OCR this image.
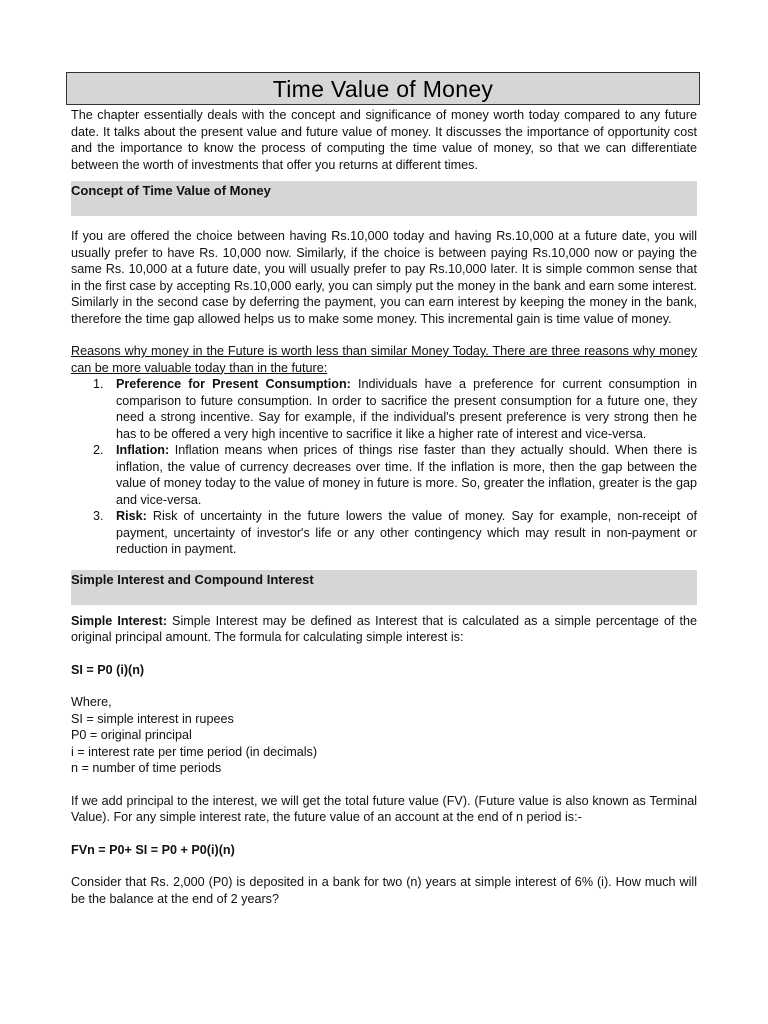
Time Value of Money

The chapter essentially deals with the concept and significance of money worth today compared to any future date. It talks about the present value and future value of money. It discusses the importance of opportunity cost and the importance to know the process of computing the time value of money, so that we can differentiate between the worth of investments that offer you returns at different times.

Concept of Time Value of Money

If you are offered the choice between having Rs.10,000 today and having Rs.10,000 at a future date, you will usually prefer to have Rs. 10,000 now. Similarly, if the choice is between paying Rs.10,000 now or paying the same Rs. 10,000 at a future date, you will usually prefer to pay Rs.10,000 later. It is simple common sense that in the first case by accepting Rs.10,000 early, you can simply put the money in the bank and earn some interest. Similarly in the second case by deferring the payment, you can earn interest by keeping the money in the bank, therefore the time gap allowed helps us to make some money. This incremental gain is time value of money.

Reasons why money in the Future is worth less than similar Money Today. There are three reasons why money can be more valuable today than in the future:

1. Preference for Present Consumption: Individuals have a preference for current consumption in comparison to future consumption. In order to sacrifice the present consumption for a future one, they need a strong incentive. Say for example, if the individual's present preference is very strong then he has to be offered a very high incentive to sacrifice it like a higher rate of interest and vice-versa.
2. Inflation: Inflation means when prices of things rise faster than they actually should. When there is inflation, the value of currency decreases over time. If the inflation is more, then the gap between the value of money today to the value of money in future is more. So, greater the inflation, greater is the gap and vice-versa.
3. Risk: Risk of uncertainty in the future lowers the value of money. Say for example, non-receipt of payment, uncertainty of investor's life or any other contingency which may result in non-payment or reduction in payment.
Simple Interest and Compound Interest

Simple Interest: Simple Interest may be defined as Interest that is calculated as a simple percentage of the original principal amount. The formula for calculating simple interest is:

SI = P0 (i)(n)

Where,

SI = simple interest in rupees

P0 = original principal

i = interest rate per time period (in decimals)

n = number of time periods

If we add principal to the interest, we will get the total future value (FV). (Future value is also known as Terminal Value). For any simple interest rate, the future value of an account at the end of n period is:-

FVn = P0+ SI = P0 + P0(i)(n)

Consider that Rs. 2,000 (P0) is deposited in a bank for two (n) years at simple interest of 6% (i). How much will be the balance at the end of 2 years?
